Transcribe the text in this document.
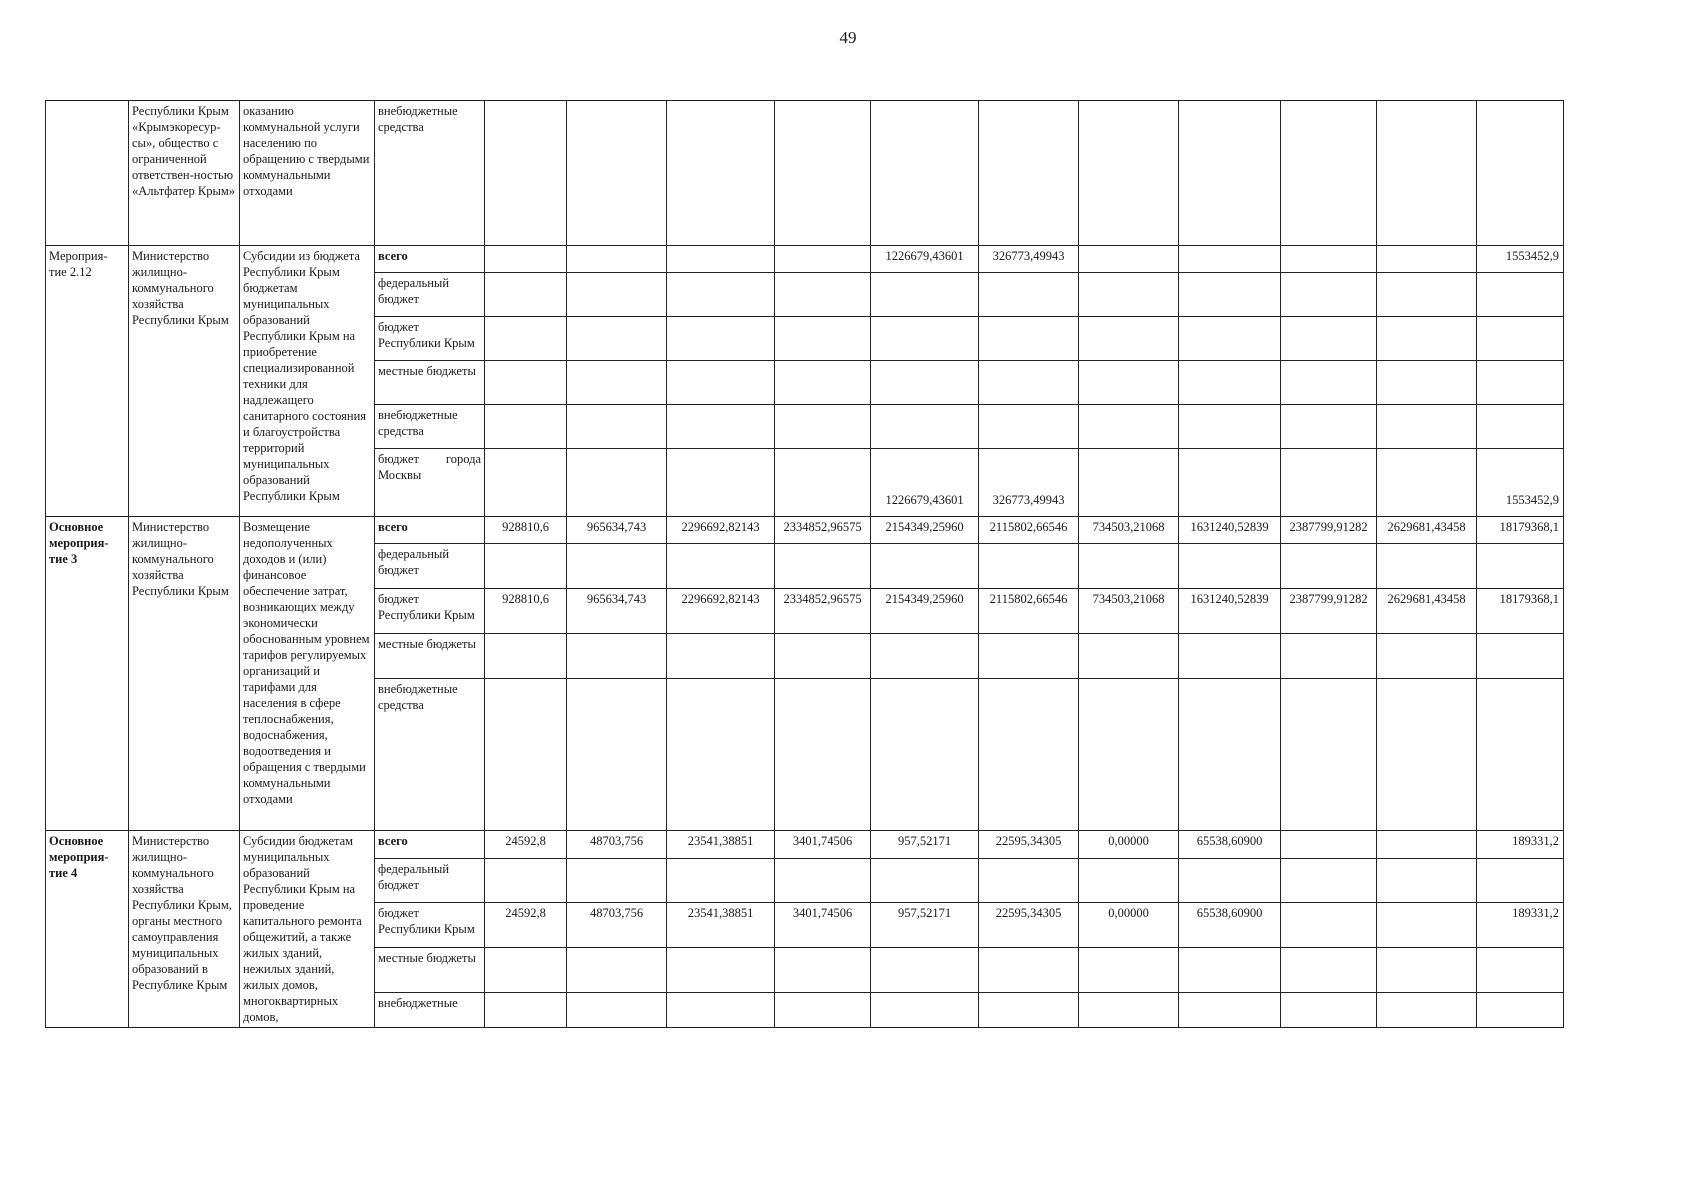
49
	Республики Крым «Крымэкоресур-сы», общество с ограниченной ответствен-ностью «Альтфатер Крым»	оказанию коммунальной услуги населению по обращению с твердыми коммунальными отходами	внебюджетные средства											
Мероприя-тие 2.12	Министерство жилищно-коммунального хозяйства Республики Крым	Субсидии из бюджета Республики Крым бюджетам муниципальных образований Республики Крым на приобретение специализированной техники для надлежащего санитарного состояния и благоустройства территорий муниципальных образований Республики Крым	всего					1226679,43601	326773,49943					1553452,9
			федеральный бюджет											
			бюджет Республики Крым											
			местные бюджеты											
			внебюджетные средства											

			бюджет города Москвы					1226679,43601	326773,49943					1553452,9
Основное мероприя-тие 3	Министерство жилищно-коммунального хозяйства Республики Крым	Возмещение недополученных доходов и (или) финансовое обеспечение затрат, возникающих между экономически обоснованным уровнем тарифов регулируемых организаций и тарифами для населения в сфере теплоснабжения, водоснабжения, водоотведения и обращения с твердыми коммунальными отходами	всего	928810,6	965634,743	2296692,82143	2334852,96575	2154349,25960	2115802,66546	734503,21068	1631240,52839	2387799,91282	2629681,43458	18179368,1
			федеральный бюджет											
			бюджет Республики Крым	928810,6	965634,743	2296692,82143	2334852,96575	2154349,25960	2115802,66546	734503,21068	1631240,52839	2387799,91282	2629681,43458	18179368,1
			местные бюджеты											
			внебюджетные средства											
Основное мероприя-тие 4	Министерство жилищно-коммунального хозяйства Республики Крым, органы местного самоуправления муниципальных образований в Республике Крым	Субсидии бюджетам муниципальных образований Республики Крым на проведение капитального ремонта общежитий, а также жилых зданий, нежилых зданий, жилых домов, многоквартирных домов,	всего	24592,8	48703,756	23541,38851	3401,74506	957,52171	22595,34305	0,00000	65538,60900			189331,2
			федеральный бюджет											
			бюджет Республики Крым	24592,8	48703,756	23541,38851	3401,74506	957,52171	22595,34305	0,00000	65538,60900			189331,2
			местные бюджеты											
			внебюджетные											
